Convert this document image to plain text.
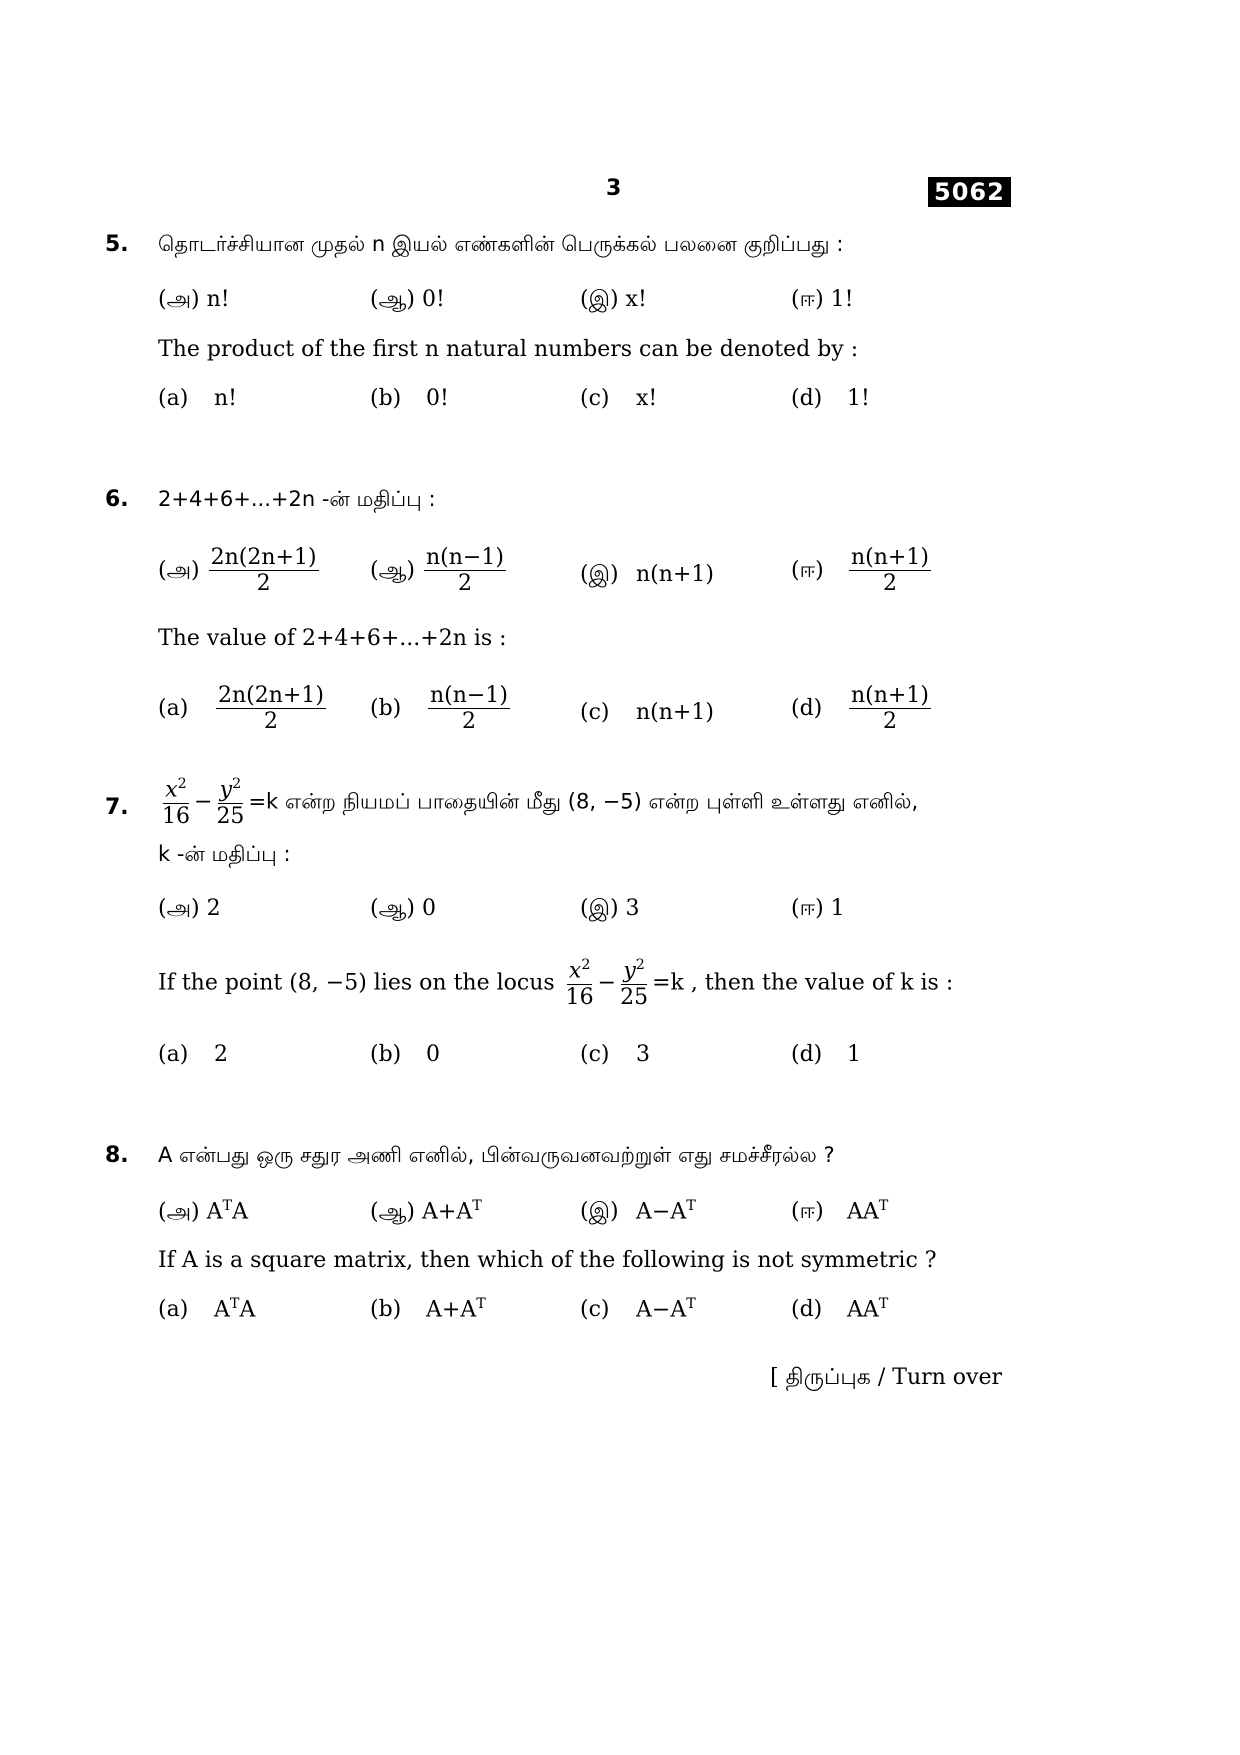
3	5062
5. தொடர்ச்சியான முதல் n இயல் எண்களின் பெருக்கல் பலனை குறிப்பது :
(அ) n!	(ஆ) 0!	(இ) x!	(ஈ) 1!
The product of the first n natural numbers can be denoted by :
(a) n!	(b) 0!	(c) x!	(d) 1!
6. 2+4+6+...+2n -ன் மதிப்பு :
(அ) $\frac{2n(2n+1)}{2}$ (ஆ) $\frac{n(n-1)}{2}$	(இ) n(n+1)	(ஈ) $\frac{n(n+1)}{2}$
The value of 2+4+6+...+2n is :
$(a) \frac{2n(2n+1)}{2} (b) \frac{n(n-1)}{2}$	(c) n(n+1)	$(d) \frac{n(n+1)}{2}$
7. $\frac{x^2}{16} - \frac{y^2}{25} =k$ என்ற நியமப் பாதையின் மீது (8, −5) என்ற புள்ளி உள்ளது எனில்,
k -ன் மதிப்பு :
(அ) 2	(ஆ) 0	(இ) 3	(ஈ) 1
If the point (8, −5) lies on the locus $\frac{x^2}{16} - \frac{y^2}{25} =k$ , then the value of k is :
(a) 2	(b) 0	(c) 3	(d) 1
8. A என்பது ஒரு சதுர அணி எனில், பின்வருவனவற்றுள் எது சமச்சீரல்ல ?
(அ) $A^TA$	(ஆ) $A+A^T$	(இ) $A-A^T$	(ஈ) $AA^T$
If A is a square matrix, then which of the following is not symmetric ?
(a) $A^TA$	(b) $A+A^T$	(c) $A-A^T$	(d) $AA^T$
[ திருப்புக / Turn over
